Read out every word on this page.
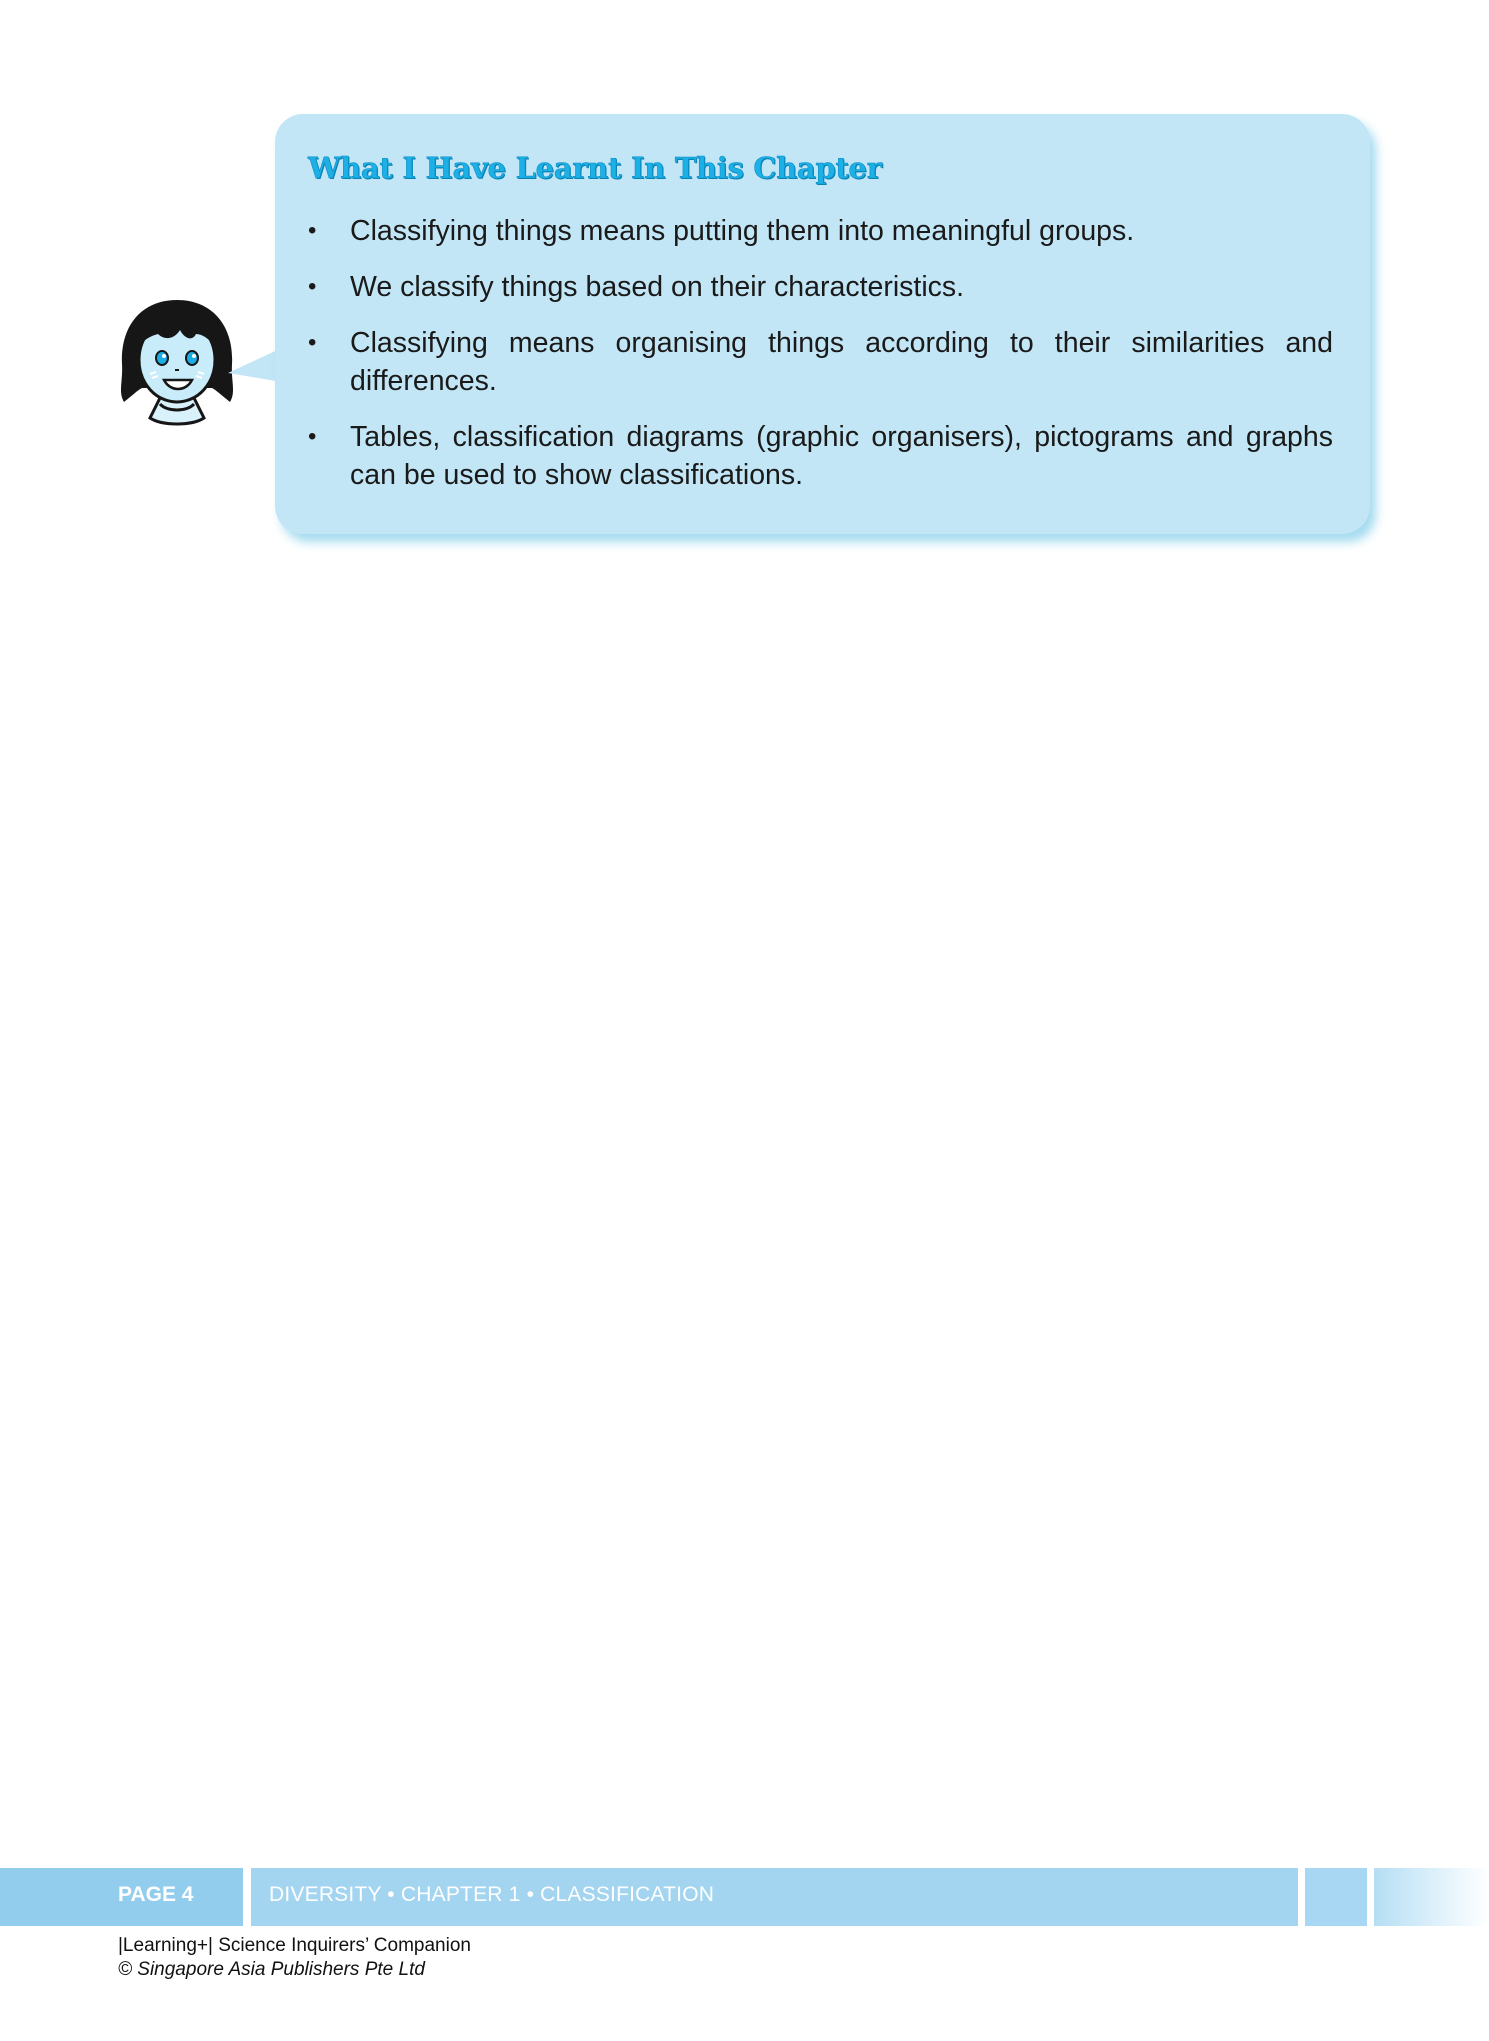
What I Have Learnt In This Chapter
• Classifying things means putting them into meaningful groups.
• We classify things based on their characteristics.
• Classifying means organising things according to their similarities and differences.
• Tables, classification diagrams (graphic organisers), pictograms and graphs can be used to show classifications.
PAGE 4	DIVERSITY • CHAPTER 1 • CLASSIFICATION
|Learning+| Science Inquirers’ Companion
© Singapore Asia Publishers Pte Ltd
